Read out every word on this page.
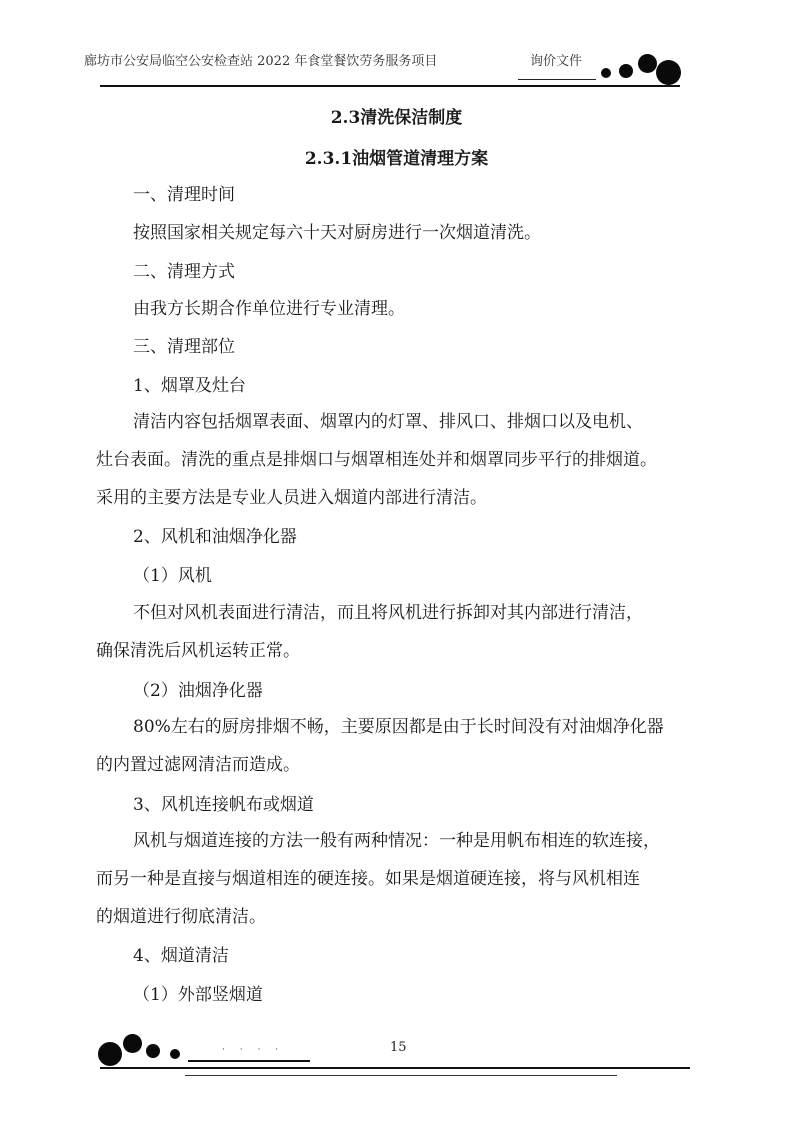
廊坊市公安局临空公安检查站 2022 年食堂餐饮劳务服务项目	询价文件
2.3清洗保洁制度
2.3.1油烟管道清理方案
一、清理时间
按照国家相关规定每六十天对厨房进行一次烟道清洗。
二、清理方式
由我方长期合作单位进行专业清理。
三、清理部位
1、烟罩及灶台
清洁内容包括烟罩表面、烟罩内的灯罩、排风口、排烟口以及电机、
灶台表面。清洗的重点是排烟口与烟罩相连处并和烟罩同步平行的排烟道。
采用的主要方法是专业人员进入烟道内部进行清洁。
2、风机和油烟净化器
（1）风机
不但对风机表面进行清洁，而且将风机进行拆卸对其内部进行清洁，
确保清洗后风机运转正常。
（2）油烟净化器
80%左右的厨房排烟不畅，主要原因都是由于长时间没有对油烟净化器
的内置过滤网清洁而造成。
3、风机连接帆布或烟道
风机与烟道连接的方法一般有两种情况：一种是用帆布相连的软连接，
而另一种是直接与烟道相连的硬连接。如果是烟道硬连接，将与风机相连
的烟道进行彻底清洁。
4、烟道清洁
（1）外部竖烟道
· · · ·	15
